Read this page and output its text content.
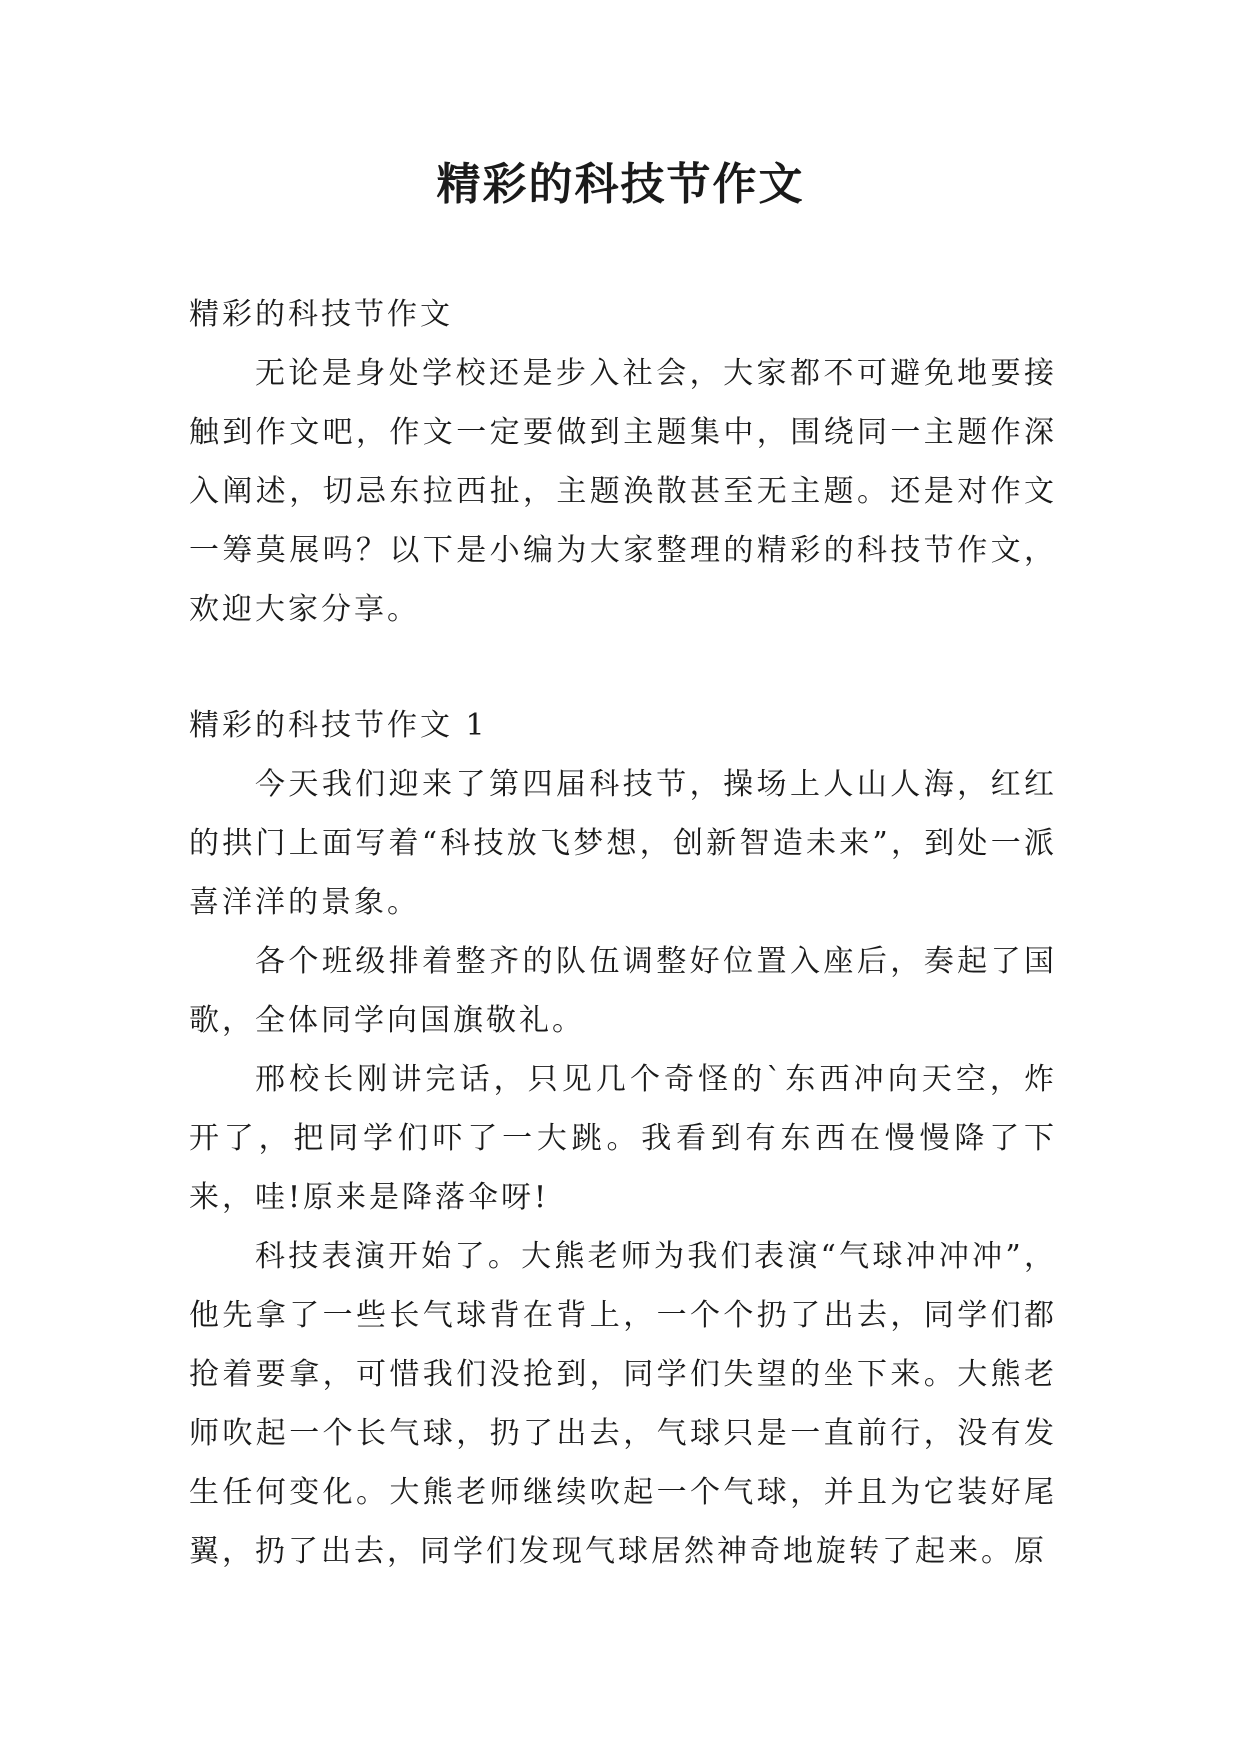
精彩的科技节作文

精彩的科技节作文

无论是身处学校还是步入社会，大家都不可避免地要接触到作文吧，作文一定要做到主题集中，围绕同一主题作深入阐述，切忌东拉西扯，主题涣散甚至无主题。还是对作文一筹莫展吗？以下是小编为大家整理的精彩的科技节作文，欢迎大家分享。

精彩的科技节作文 1

今天我们迎来了第四届科技节，操场上人山人海，红红的拱门上面写着“科技放飞梦想，创新智造未来”，到处一派喜洋洋的景象。

各个班级排着整齐的队伍调整好位置入座后，奏起了国歌，全体同学向国旗敬礼。

邢校长刚讲完话，只见几个奇怪的`东西冲向天空，炸开了，把同学们吓了一大跳。我看到有东西在慢慢降了下来，哇!原来是降落伞呀!

科技表演开始了。大熊老师为我们表演“气球冲冲冲”，他先拿了一些长气球背在背上，一个个扔了出去，同学们都抢着要拿，可惜我们没抢到，同学们失望的坐下来。大熊老师吹起一个长气球，扔了出去，气球只是一直前行，没有发生任何变化。大熊老师继续吹起一个气球，并且为它装好尾翼，扔了出去，同学们发现气球居然神奇地旋转了起来。原
